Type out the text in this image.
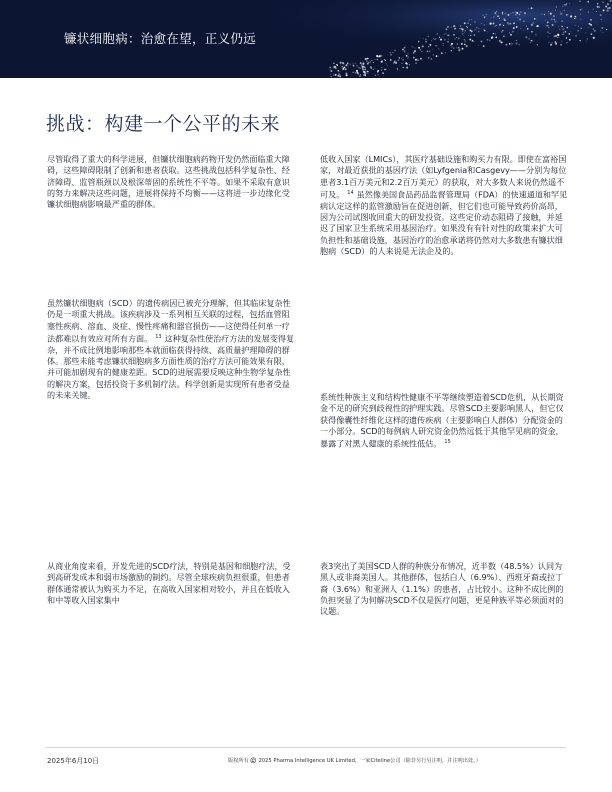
镰状细胞病：治愈在望，正义仍远
挑战：构建一个公平的未来

尽管取得了重大的科学进展，但镰状细胞病药物开发仍然面临重大障碍，这些障碍限制了创新和患者获取。这些挑战包括科学复杂性、经济障碍、监管瓶颈以及根深蒂固的系统性不平等。如果不采取有意识的努力来解决这些问题，进展将保持不均衡——这将进一步边缘化受镰状细胞病影响最严重的群体。

虽然镰状细胞病（SCD）的遗传病因已被充分理解，但其临床复杂性仍是一项重大挑战。该疾病涉及一系列相互关联的过程，包括血管阻塞性疾病、溶血、炎症、慢性疼痛和器官损伤——这使得任何单一疗法都难以有效应对所有方面。 $^{13}$ 这种复杂性使治疗方法的发展变得复杂，并不成比例地影响那些本就面临获得持续、高质量护理障碍的群体。那些未能考虑镰状细胞病多方面性质的治疗方法可能效果有限，并可能加剧现有的健康差距。SCD的进展需要反映这种生物学复杂性的解决方案，包括投资于多机制疗法。科学创新是实现所有患者受益的未来关键。

从商业角度来看，开发先进的SCD疗法，特别是基因和细胞疗法，受到高研发成本和弱市场激励的制约。尽管全球疾病负担很重，但患者群体通常被认为购买力不足，在高收入国家相对较小，并且在低收入和中等收入国家集中

低收入国家（LMICs），其医疗基础设施和购买力有限。即使在富裕国家，对最近获批的基因疗法（如Lyfgenia和Casgevy——分别为每位患者3.1百万美元和2.2百万美元）的获取，对大多数人来说仍然遥不可及。 $^{14}$ 虽然像美国食品药品监督管理局（FDA）的快速通道和罕见病认定这样的监管激励旨在促进创新，但它们也可能导致药价高昂，因为公司试图收回重大的研发投资。这些定价动态阻碍了接触，并延迟了国家卫生系统采用基因治疗。如果没有有针对性的政策来扩大可负担性和基础设施，基因治疗的治愈承诺将仍然对大多数患有镰状细胞病（SCD）的人来说是无法企及的。

系统性种族主义和结构性健康不平等继续塑造着SCD危机，从长期资金不足的研究到歧视性的护理实践。尽管SCD主要影响黑人，但它仅获得像囊性纤维化这样的遗传疾病（主要影响白人群体）分配资金的一小部分。SCD的每例病人研究资金仍然远低于其他罕见病的资金，暴露了对黑人健康的系统性低估。 $^{15}$

表3突出了美国SCD人群的种族分布情况，近半数（48.5%）认同为黑人或非裔美国人。其他群体，包括白人（6.9%）、西班牙裔或拉丁裔（3.6%）和亚洲人（1.1%）的患者，占比较小。这种不成比例的负担突显了为何解决SCD不仅是医疗问题，更是种族平等必须面对的议题。

2025年6月10日	版权所有 ©️ 2025 Pharma Intelligence UK Limited，一家Citeline公司（除非另行另注明，并注明出处。）
